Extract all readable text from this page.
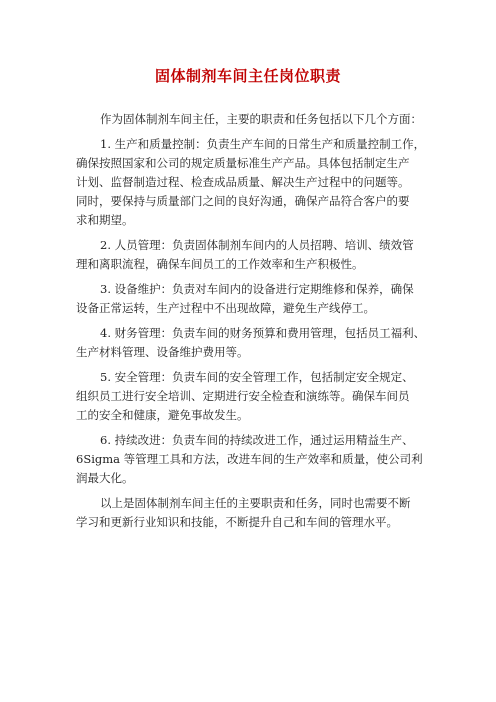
固体制剂车间主任岗位职责

作为固体制剂车间主任，主要的职责和任务包括以下几个方面：

1. 生产和质量控制：负责生产车间的日常生产和质量控制工作，
确保按照国家和公司的规定质量标准生产产品。具体包括制定生产
计划、监督制造过程、检查成品质量、解决生产过程中的问题等。
同时，要保持与质量部门之间的良好沟通，确保产品符合客户的要
求和期望。

2. 人员管理：负责固体制剂车间内的人员招聘、培训、绩效管
理和离职流程，确保车间员工的工作效率和生产积极性。

3. 设备维护：负责对车间内的设备进行定期维修和保养，确保
设备正常运转，生产过程中不出现故障，避免生产线停工。

4. 财务管理：负责车间的财务预算和费用管理，包括员工福利、
生产材料管理、设备维护费用等。

5. 安全管理：负责车间的安全管理工作，包括制定安全规定、
组织员工进行安全培训、定期进行安全检查和演练等。确保车间员
工的安全和健康，避免事故发生。

6. 持续改进：负责车间的持续改进工作，通过运用精益生产、
6Sigma 等管理工具和方法，改进车间的生产效率和质量，使公司利
润最大化。

以上是固体制剂车间主任的主要职责和任务，同时也需要不断
学习和更新行业知识和技能，不断提升自己和车间的管理水平。
